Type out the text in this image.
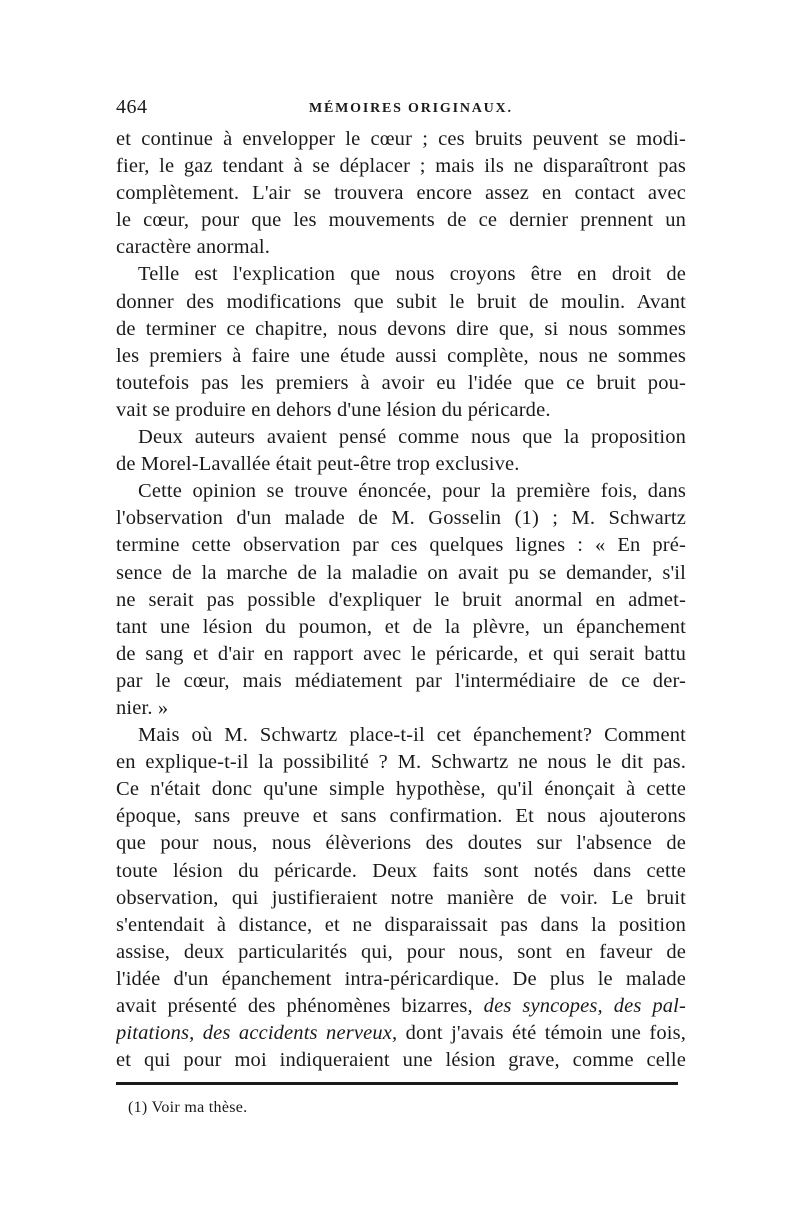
464	MÉMOIRES ORIGINAUX.
et continue à envelopper le cœur ; ces bruits peuvent se modi-
fier, le gaz tendant à se déplacer ; mais ils ne disparaîtront pas
complètement. L'air se trouvera encore assez en contact avec
le cœur, pour que les mouvements de ce dernier prennent un
caractère anormal.
Telle est l'explication que nous croyons être en droit de
donner des modifications que subit le bruit de moulin. Avant
de terminer ce chapitre, nous devons dire que, si nous sommes
les premiers à faire une étude aussi complète, nous ne sommes
toutefois pas les premiers à avoir eu l'idée que ce bruit pou-
vait se produire en dehors d'une lésion du péricarde.
Deux auteurs avaient pensé comme nous que la proposition
de Morel-Lavallée était peut-être trop exclusive.
Cette opinion se trouve énoncée, pour la première fois, dans
l'observation d'un malade de M. Gosselin (1) ; M. Schwartz
termine cette observation par ces quelques lignes : « En pré-
sence de la marche de la maladie on avait pu se demander, s'il
ne serait pas possible d'expliquer le bruit anormal en admet-
tant une lésion du poumon, et de la plèvre, un épanchement
de sang et d'air en rapport avec le péricarde, et qui serait battu
par le cœur, mais médiatement par l'intermédiaire de ce der-
nier. »
Mais où M. Schwartz place-t-il cet épanchement? Comment
en explique-t-il la possibilité ? M. Schwartz ne nous le dit pas.
Ce n'était donc qu'une simple hypothèse, qu'il énonçait à cette
époque, sans preuve et sans confirmation. Et nous ajouterons
que pour nous, nous élèverions des doutes sur l'absence de
toute lésion du péricarde. Deux faits sont notés dans cette
observation, qui justifieraient notre manière de voir. Le bruit
s'entendait à distance, et ne disparaissait pas dans la position
assise, deux particularités qui, pour nous, sont en faveur de
l'idée d'un épanchement intra-péricardique. De plus le malade
avait présenté des phénomènes bizarres, des syncopes, des pal-
pitations, des accidents nerveux, dont j'avais été témoin une fois,
et qui pour moi indiqueraient une lésion grave, comme celle
(1) Voir ma thèse.
